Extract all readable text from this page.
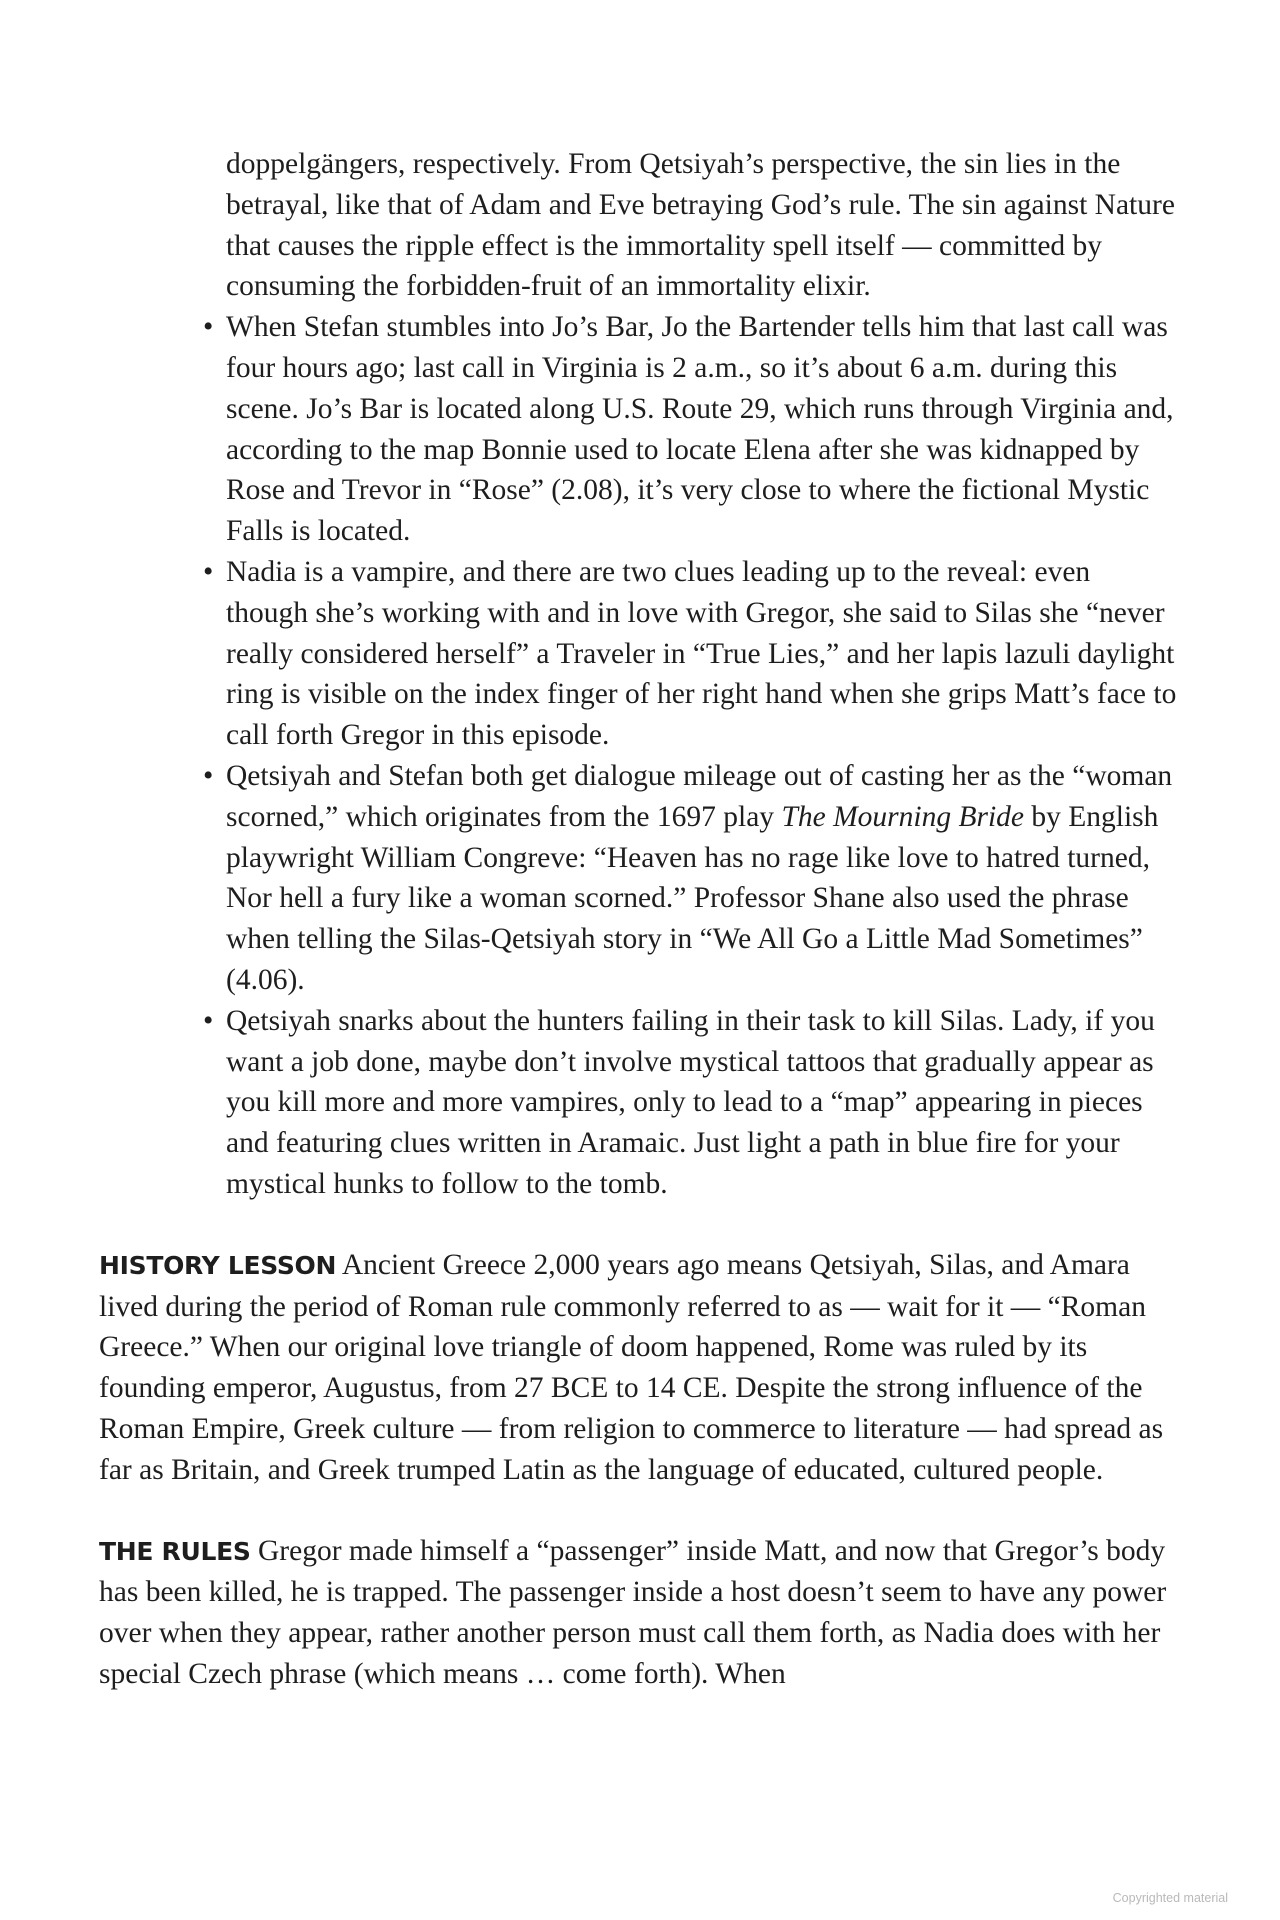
doppelgängers, respectively. From Qetsiyah’s perspective, the sin lies in the betrayal, like that of Adam and Eve betraying God’s rule. The sin against Nature that causes the ripple effect is the immortality spell itself — committed by consuming the forbidden-fruit of an immortality elixir.

• When Stefan stumbles into Jo’s Bar, Jo the Bartender tells him that last call was four hours ago; last call in Virginia is 2 a.m., so it’s about 6 a.m. during this scene. Jo’s Bar is located along U.S. Route 29, which runs through Virginia and, according to the map Bonnie used to locate Elena after she was kidnapped by Rose and Trevor in “Rose” (2.08), it’s very close to where the fictional Mystic Falls is located.
• Nadia is a vampire, and there are two clues leading up to the reveal: even though she’s working with and in love with Gregor, she said to Silas she “never really considered herself” a Traveler in “True Lies,” and her lapis lazuli daylight ring is visible on the index finger of her right hand when she grips Matt’s face to call forth Gregor in this episode.
• Qetsiyah and Stefan both get dialogue mileage out of casting her as the “woman scorned,” which originates from the 1697 play The Mourning Bride by English playwright William Congreve: “Heaven has no rage like love to hatred turned, Nor hell a fury like a woman scorned.” Professor Shane also used the phrase when telling the Silas-Qetsiyah story in “We All Go a Little Mad Sometimes” (4.06).
• Qetsiyah snarks about the hunters failing in their task to kill Silas. Lady, if you want a job done, maybe don’t involve mystical tattoos that gradually appear as you kill more and more vampires, only to lead to a “map” appearing in pieces and featuring clues written in Aramaic. Just light a path in blue fire for your mystical hunks to follow to the tomb.

HISTORY LESSON Ancient Greece 2,000 years ago means Qetsiyah, Silas, and Amara lived during the period of Roman rule commonly referred to as — wait for it — “Roman Greece.” When our original love triangle of doom happened, Rome was ruled by its founding emperor, Augustus, from 27 BCE to 14 CE. Despite the strong influence of the Roman Empire, Greek culture — from religion to commerce to literature — had spread as far as Britain, and Greek trumped Latin as the language of educated, cultured people.

THE RULES Gregor made himself a “passenger” inside Matt, and now that Gregor’s body has been killed, he is trapped. The passenger inside a host doesn’t seem to have any power over when they appear, rather another person must call them forth, as Nadia does with her special Czech phrase (which means … come forth). When

Copyrighted material
